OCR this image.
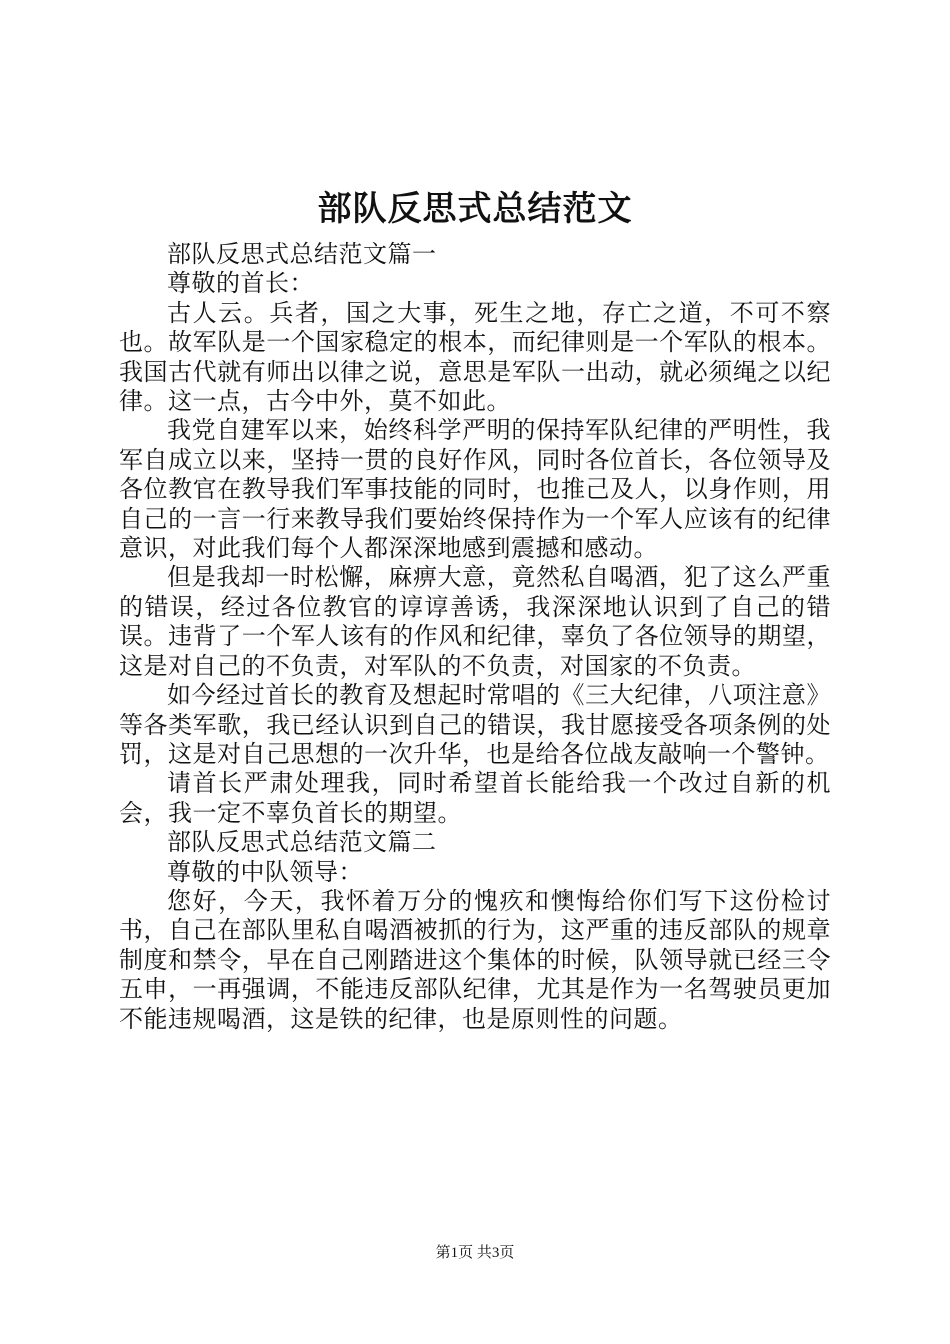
部队反思式总结范文

部队反思式总结范文篇一

尊敬的首长：

古人云。兵者，国之大事，死生之地，存亡之道，不可不察也。故军队是一个国家稳定的根本，而纪律则是一个军队的根本。我国古代就有师出以律之说，意思是军队一出动，就必须绳之以纪律。这一点，古今中外，莫不如此。

我党自建军以来，始终科学严明的保持军队纪律的严明性，我军自成立以来，坚持一贯的良好作风，同时各位首长，各位领导及各位教官在教导我们军事技能的同时，也推己及人，以身作则，用自己的一言一行来教导我们要始终保持作为一个军人应该有的纪律意识，对此我们每个人都深深地感到震撼和感动。

但是我却一时松懈，麻痹大意，竟然私自喝酒，犯了这么严重的错误，经过各位教官的谆谆善诱，我深深地认识到了自己的错误。违背了一个军人该有的作风和纪律，辜负了各位领导的期望，这是对自己的不负责，对军队的不负责，对国家的不负责。

如今经过首长的教育及想起时常唱的《三大纪律，八项注意》等各类军歌，我已经认识到自己的错误，我甘愿接受各项条例的处罚，这是对自己思想的一次升华，也是给各位战友敲响一个警钟。

请首长严肃处理我，同时希望首长能给我一个改过自新的机会，我一定不辜负首长的期望。

部队反思式总结范文篇二

尊敬的中队领导：

您好，今天，我怀着万分的愧疚和懊悔给你们写下这份检讨书，自己在部队里私自喝酒被抓的行为，这严重的违反部队的规章制度和禁令，早在自己刚踏进这个集体的时候，队领导就已经三令五申，一再强调，不能违反部队纪律，尤其是作为一名驾驶员更加不能违规喝酒，这是铁的纪律，也是原则性的问题。

第1页 共3页
